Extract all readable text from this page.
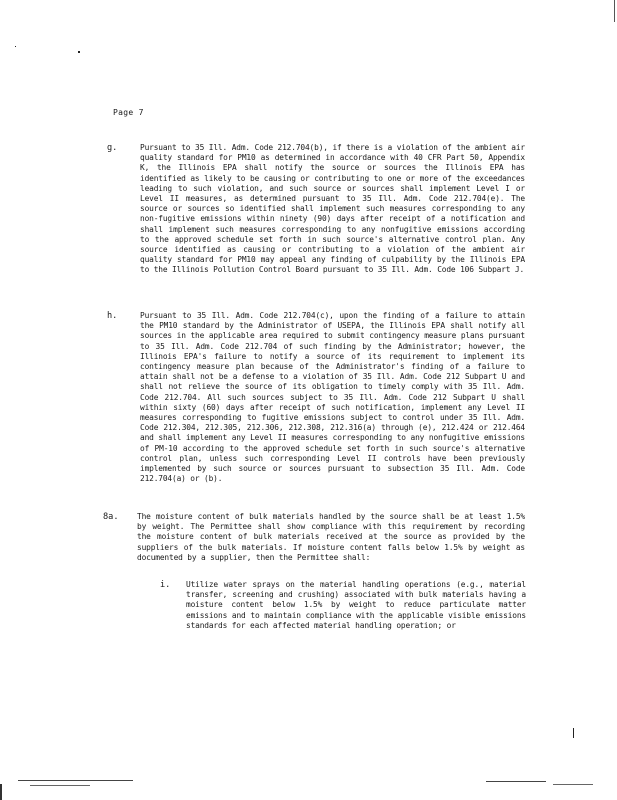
Page 7
g.	Pursuant to 35 Ill. Adm. Code 212.704(b), if there is a violation of the ambient air quality standard for PM10 as determined in accordance with 40 CFR Part 50, Appendix K, the Illinois EPA shall notify the source or sources the Illinois EPA has identified as likely to be causing or contributing to one or more of the exceedances leading to such violation, and such source or sources shall implement Level I or Level II measures, as determined pursuant to 35 Ill. Adm. Code 212.704(e). The source or sources so identified shall implement such measures corresponding to any non-fugitive emissions within ninety (90) days after receipt of a notification and shall implement such measures corresponding to any nonfugitive emissions according to the approved schedule set forth in such source's alternative control plan. Any source identified as causing or contributing to a violation of the ambient air quality standard for PM10 may appeal any finding of culpability by the Illinois EPA to the Illinois Pollution Control Board pursuant to 35 Ill. Adm. Code 106 Subpart J.
h.	Pursuant to 35 Ill. Adm. Code 212.704(c), upon the finding of a failure to attain the PM10 standard by the Administrator of USEPA, the Illinois EPA shall notify all sources in the applicable area required to submit contingency measure plans pursuant to 35 Ill. Adm. Code 212.704 of such finding by the Administrator; however, the Illinois EPA's failure to notify a source of its requirement to implement its contingency measure plan because of the Administrator's finding of a failure to attain shall not be a defense to a violation of 35 Ill. Adm. Code 212 Subpart U and shall not relieve the source of its obligation to timely comply with 35 Ill. Adm. Code 212.704. All such sources subject to 35 Ill. Adm. Code 212 Subpart U shall within sixty (60) days after receipt of such notification, implement any Level II measures corresponding to fugitive emissions subject to control under 35 Ill. Adm. Code 212.304, 212.305, 212.306, 212.308, 212.316(a) through (e), 212.424 or 212.464 and shall implement any Level II measures corresponding to any nonfugitive emissions of PM-10 according to the approved schedule set forth in such source's alternative control plan, unless such corresponding Level II controls have been previously implemented by such source or sources pursuant to subsection 35 Ill. Adm. Code 212.704(a) or (b).
8a. The moisture content of bulk materials handled by the source shall be at least 1.5% by weight. The Permittee shall show compliance with this requirement by recording the moisture content of bulk materials received at the source as provided by the suppliers of the bulk materials. If moisture content falls below 1.5% by weight as documented by a supplier, then the Permittee shall:
i. Utilize water sprays on the material handling operations (e.g., material transfer, screening and crushing) associated with bulk materials having a moisture content below 1.5% by weight to reduce particulate matter emissions and to maintain compliance with the applicable visible emissions standards for each affected material handling operation; or
